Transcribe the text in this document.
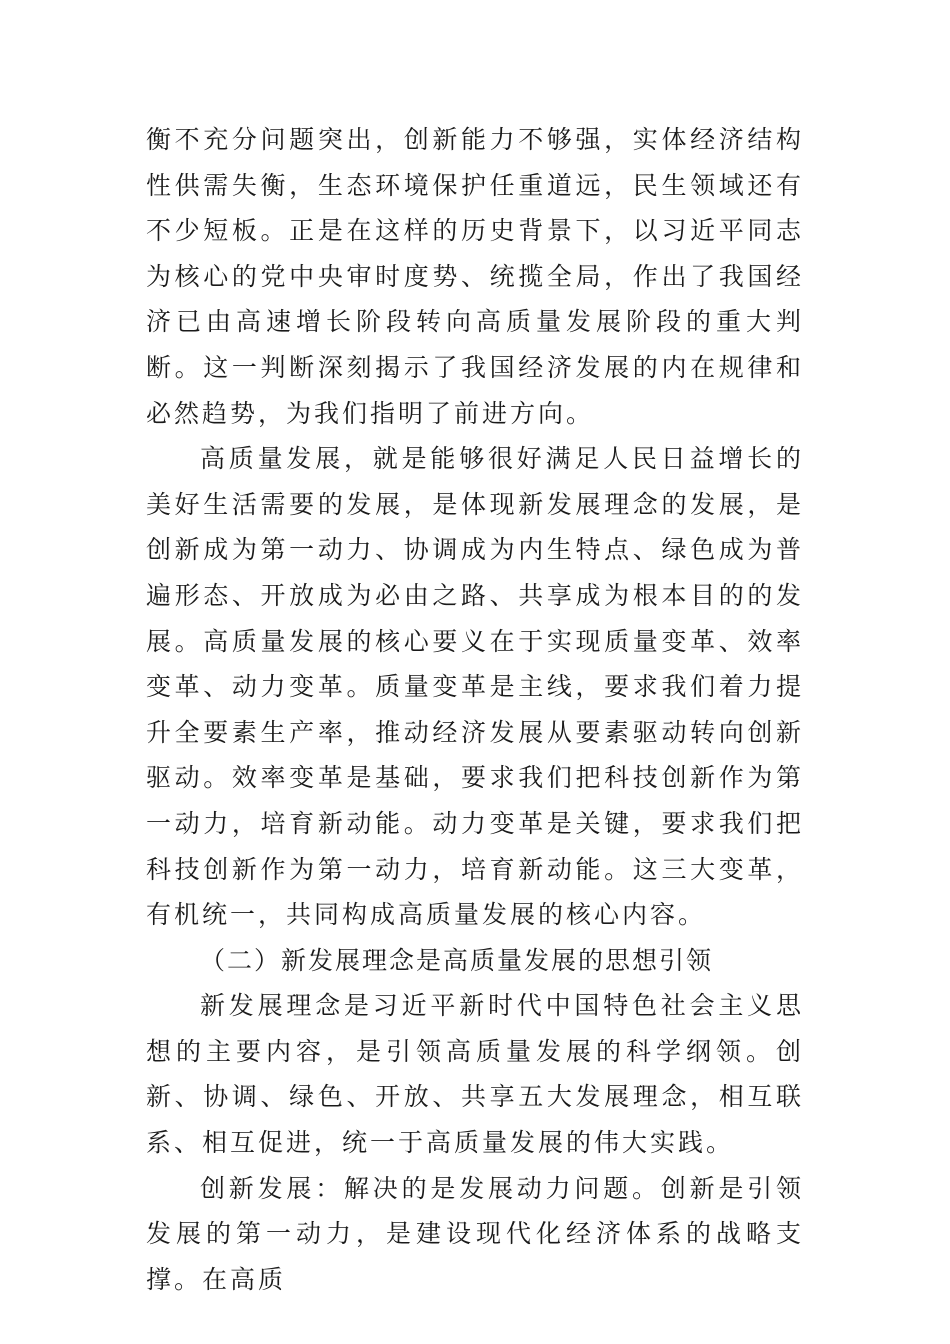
衡不充分问题突出，创新能力不够强，实体经济结构性供需失衡，生态环境保护任重道远，民生领域还有不少短板。正是在这样的历史背景下，以习近平同志为核心的党中央审时度势、统揽全局，作出了我国经济已由高速增长阶段转向高质量发展阶段的重大判断。这一判断深刻揭示了我国经济发展的内在规律和必然趋势，为我们指明了前进方向。

高质量发展，就是能够很好满足人民日益增长的美好生活需要的发展，是体现新发展理念的发展，是创新成为第一动力、协调成为内生特点、绿色成为普遍形态、开放成为必由之路、共享成为根本目的的发展。高质量发展的核心要义在于实现质量变革、效率变革、动力变革。质量变革是主线，要求我们着力提升全要素生产率，推动经济发展从要素驱动转向创新驱动。效率变革是基础，要求我们把科技创新作为第一动力，培育新动能。动力变革是关键，要求我们把科技创新作为第一动力，培育新动能。这三大变革，有机统一，共同构成高质量发展的核心内容。

（二）新发展理念是高质量发展的思想引领

新发展理念是习近平新时代中国特色社会主义思想的主要内容，是引领高质量发展的科学纲领。创新、协调、绿色、开放、共享五大发展理念，相互联系、相互促进，统一于高质量发展的伟大实践。

创新发展：解决的是发展动力问题。创新是引领发展的第一动力，是建设现代化经济体系的战略支撑。在高质
